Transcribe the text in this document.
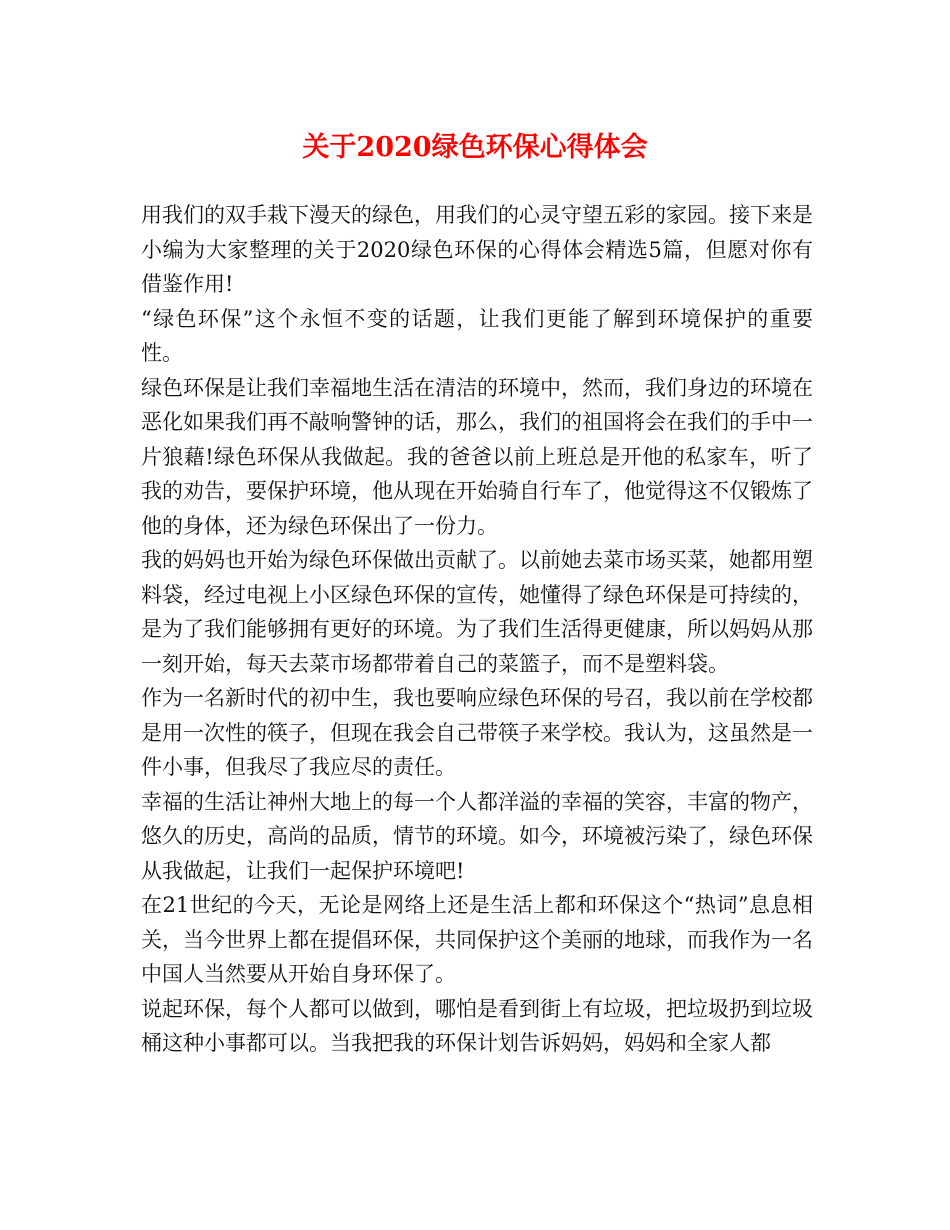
关于2020绿色环保心得体会

用我们的双手栽下漫天的绿色，用我们的心灵守望五彩的家园。接下来是小编为大家整理的关于2020绿色环保的心得体会精选5篇，但愿对你有借鉴作用!

“绿色环保”这个永恒不变的话题，让我们更能了解到环境保护的重要性。

绿色环保是让我们幸福地生活在清洁的环境中，然而，我们身边的环境在恶化如果我们再不敲响警钟的话，那么，我们的祖国将会在我们的手中一片狼藉!绿色环保从我做起。我的爸爸以前上班总是开他的私家车，听了我的劝告，要保护环境，他从现在开始骑自行车了，他觉得这不仅锻炼了他的身体，还为绿色环保出了一份力。

我的妈妈也开始为绿色环保做出贡献了。以前她去菜市场买菜，她都用塑料袋，经过电视上小区绿色环保的宣传，她懂得了绿色环保是可持续的，是为了我们能够拥有更好的环境。为了我们生活得更健康，所以妈妈从那一刻开始，每天去菜市场都带着自己的菜篮子，而不是塑料袋。

作为一名新时代的初中生，我也要响应绿色环保的号召，我以前在学校都是用一次性的筷子，但现在我会自己带筷子来学校。我认为，这虽然是一件小事，但我尽了我应尽的责任。

幸福的生活让神州大地上的每一个人都洋溢的幸福的笑容，丰富的物产，悠久的历史，高尚的品质，情节的环境。如今，环境被污染了，绿色环保从我做起，让我们一起保护环境吧!

在21世纪的今天，无论是网络上还是生活上都和环保这个“热词”息息相关，当今世界上都在提倡环保，共同保护这个美丽的地球，而我作为一名中国人当然要从开始自身环保了。

说起环保，每个人都可以做到，哪怕是看到街上有垃圾，把垃圾扔到垃圾桶这种小事都可以。当我把我的环保计划告诉妈妈，妈妈和全家人都
